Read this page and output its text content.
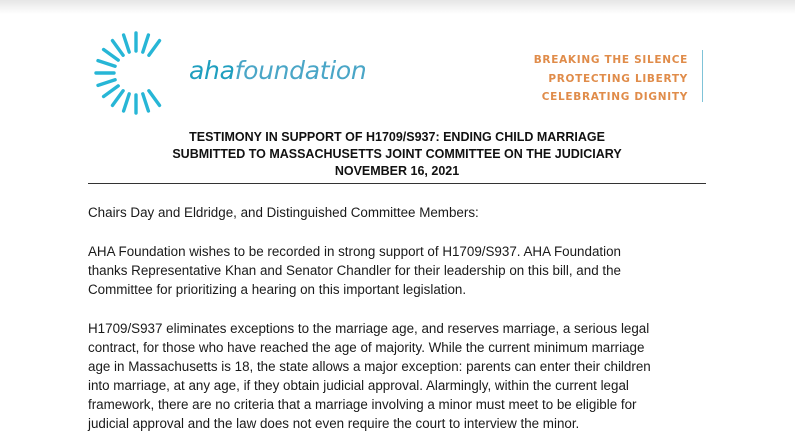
ahafoundation	BREAKING THE SILENCE
PROTECTING LIBERTY
CELEBRATING DIGNITY
TESTIMONY IN SUPPORT OF H1709/S937: ENDING CHILD MARRIAGE
SUBMITTED TO MASSACHUSETTS JOINT COMMITTEE ON THE JUDICIARY
NOVEMBER 16, 2021

Chairs Day and Eldridge, and Distinguished Committee Members:

AHA Foundation wishes to be recorded in strong support of H1709/S937. AHA Foundation
thanks Representative Khan and Senator Chandler for their leadership on this bill, and the
Committee for prioritizing a hearing on this important legislation.

H1709/S937 eliminates exceptions to the marriage age, and reserves marriage, a serious legal
contract, for those who have reached the age of majority. While the current minimum marriage
age in Massachusetts is 18, the state allows a major exception: parents can enter their children
into marriage, at any age, if they obtain judicial approval. Alarmingly, within the current legal
framework, there are no criteria that a marriage involving a minor must meet to be eligible for
judicial approval and the law does not even require the court to interview the minor.
